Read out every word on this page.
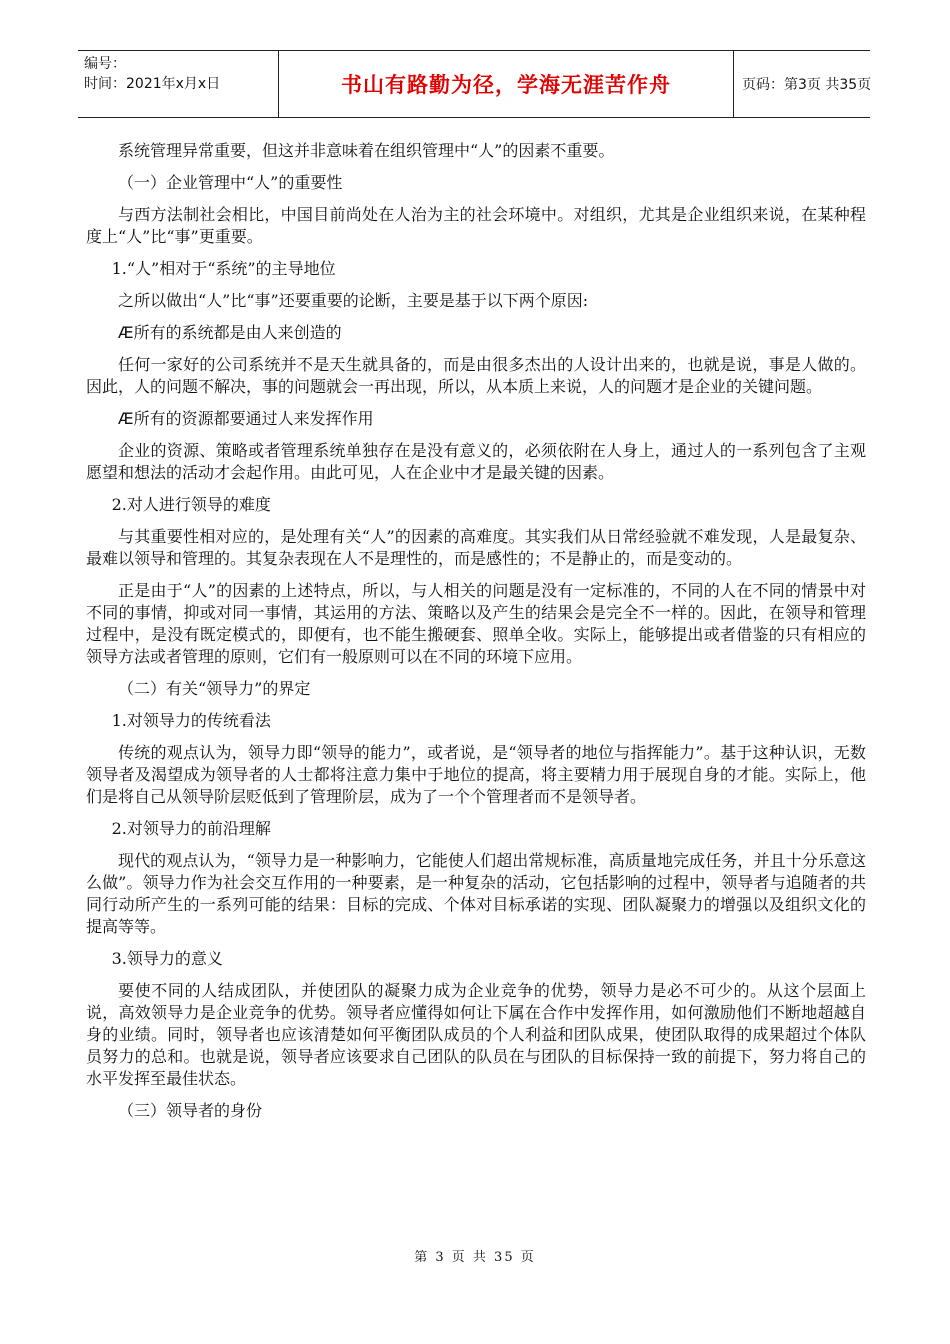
编号：
时间：2021年x月x日	书山有路勤为径，学海无涯苦作舟	页码：第3页 共35页

系统管理异常重要，但这并非意味着在组织管理中“人”的因素不重要。

（一）企业管理中“人”的重要性

与西方法制社会相比，中国目前尚处在人治为主的社会环境中。对组织，尤其是企业组织来说，在某种程度上“人”比“事”更重要。

1.“人”相对于“系统”的主导地位

之所以做出“人”比“事”还要重要的论断，主要是基于以下两个原因:

Æ所有的系统都是由人来创造的

任何一家好的公司系统并不是天生就具备的，而是由很多杰出的人设计出来的，也就是说，事是人做的。因此，人的问题不解决，事的问题就会一再出现，所以，从本质上来说，人的问题才是企业的关键问题。

Æ所有的资源都要通过人来发挥作用

企业的资源、策略或者管理系统单独存在是没有意义的，必须依附在人身上，通过人的一系列包含了主观愿望和想法的活动才会起作用。由此可见，人在企业中才是最关键的因素。

2.对人进行领导的难度

与其重要性相对应的，是处理有关“人”的因素的高难度。其实我们从日常经验就不难发现，人是最复杂、最难以领导和管理的。其复杂表现在人不是理性的，而是感性的；不是静止的，而是变动的。

正是由于“人”的因素的上述特点，所以，与人相关的问题是没有一定标准的，不同的人在不同的情景中对不同的事情，抑或对同一事情，其运用的方法、策略以及产生的结果会是完全不一样的。因此，在领导和管理过程中，是没有既定模式的，即便有，也不能生搬硬套、照单全收。实际上，能够提出或者借鉴的只有相应的领导方法或者管理的原则，它们有一般原则可以在不同的环境下应用。

（二）有关“领导力”的界定

1.对领导力的传统看法

传统的观点认为，领导力即“领导的能力”，或者说，是“领导者的地位与指挥能力”。基于这种认识，无数领导者及渴望成为领导者的人士都将注意力集中于地位的提高，将主要精力用于展现自身的才能。实际上，他们是将自己从领导阶层贬低到了管理阶层，成为了一个个管理者而不是领导者。

2.对领导力的前沿理解

现代的观点认为，“领导力是一种影响力，它能使人们超出常规标准，高质量地完成任务，并且十分乐意这么做”。领导力作为社会交互作用的一种要素，是一种复杂的活动，它包括影响的过程中，领导者与追随者的共同行动所产生的一系列可能的结果：目标的完成、个体对目标承诺的实现、团队凝聚力的增强以及组织文化的提高等等。

3.领导力的意义

要使不同的人结成团队，并使团队的凝聚力成为企业竞争的优势，领导力是必不可少的。从这个层面上说，高效领导力是企业竞争的优势。领导者应懂得如何让下属在合作中发挥作用，如何激励他们不断地超越自身的业绩。同时，领导者也应该清楚如何平衡团队成员的个人利益和团队成果，使团队取得的成果超过个体队员努力的总和。也就是说，领导者应该要求自己团队的队员在与团队的目标保持一致的前提下，努力将自己的水平发挥至最佳状态。

（三）领导者的身份

第 3 页 共 35 页
